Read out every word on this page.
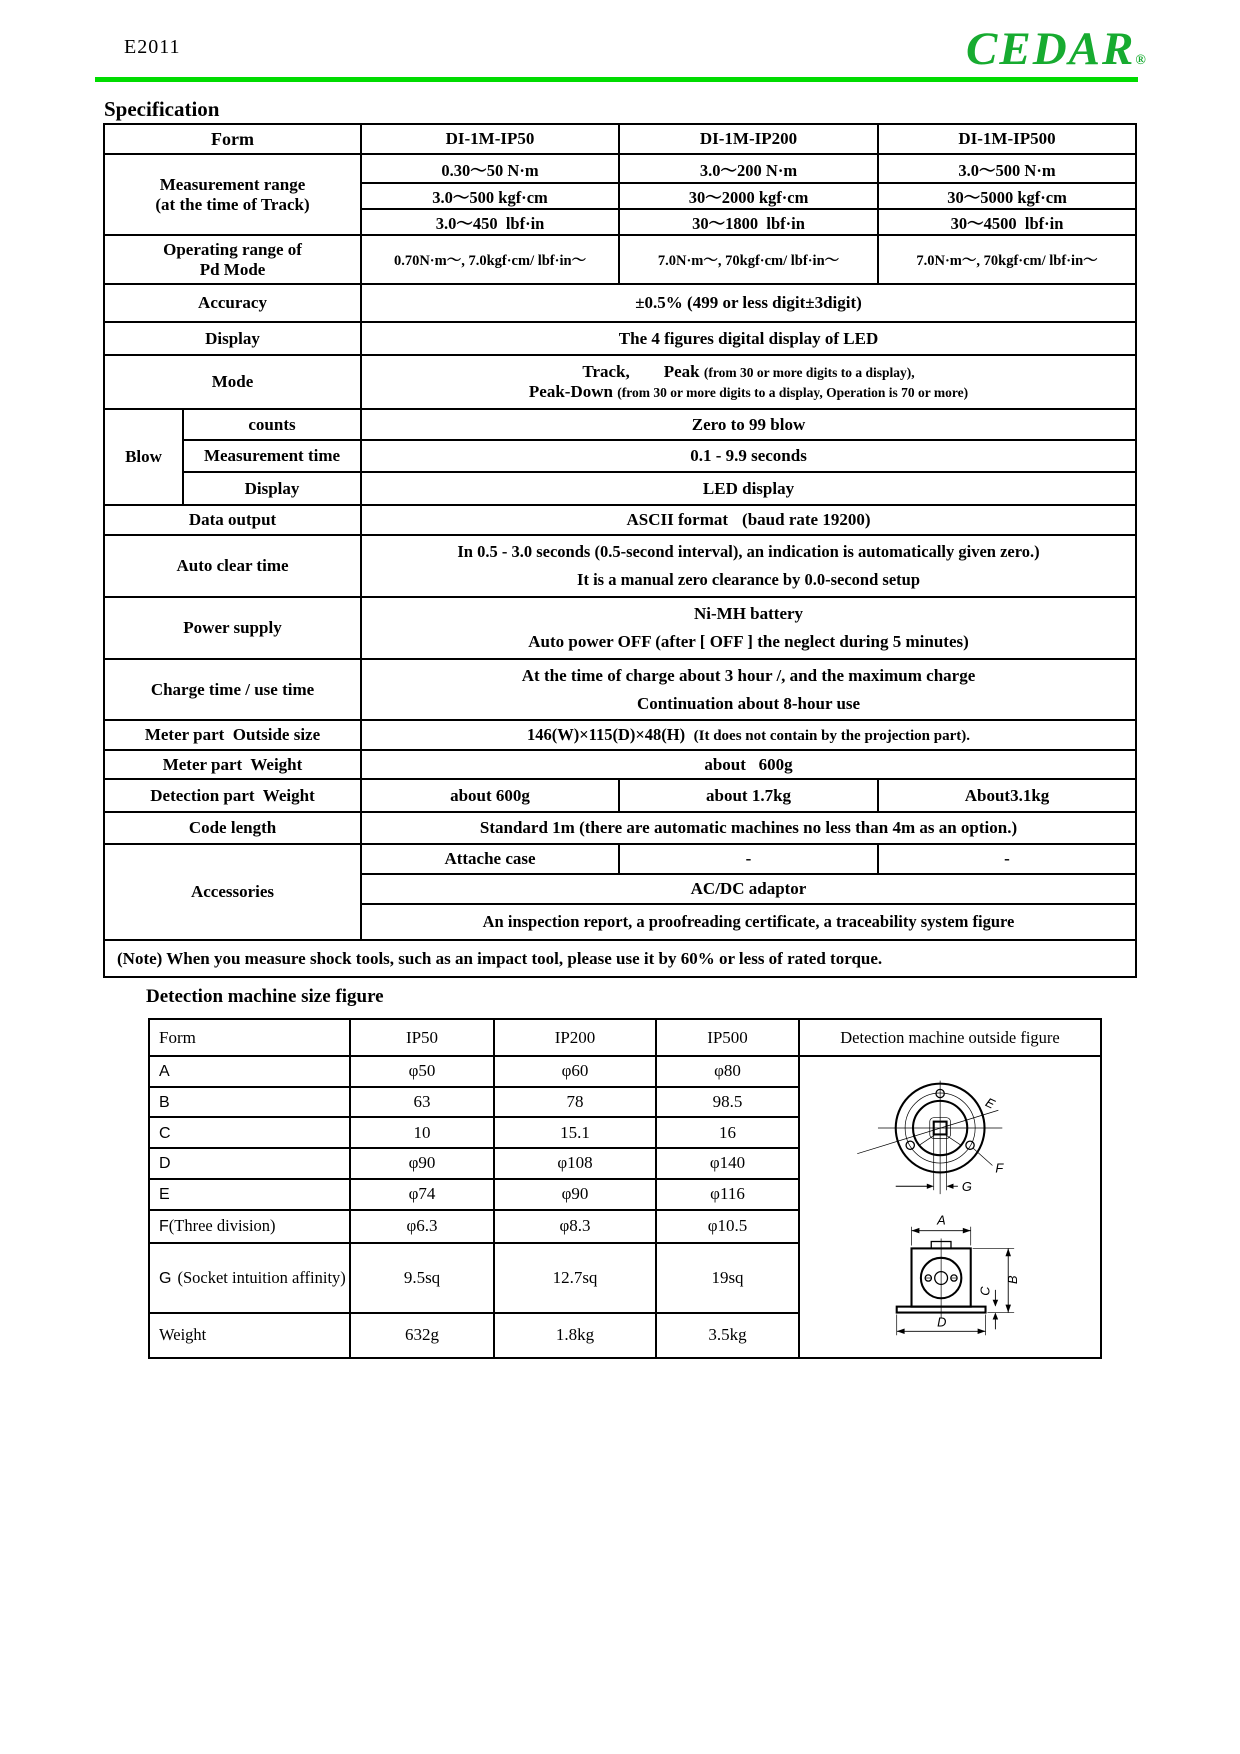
E2011	CEDAR®
Specification
Form		DI-1M-IP50	DI-1M-IP200	DI-1M-IP500

Measurement range
(at the time of Track)		0.30〜50 N·m	3.0〜200 N·m	3.0〜500 N·m
		3.0〜500 kgf·cm	30〜2000 kgf·cm	30〜5000 kgf·cm
		3.0〜450  lbf·in	30〜1800  lbf·in	30〜4500  lbf·in

Operating range of
Pd Mode		0.70N·m〜, 7.0kgf·cm/ lbf·in〜	7.0N·m〜, 70kgf·cm/ lbf·in〜	7.0N·m〜, 70kgf·cm/ lbf·in〜
Accuracy		±0.5% (499 or less digit±3digit)		
Display		The 4 figures digital display of LED		
Mode		Track, Peak (from 30 or more digits to a display),
Peak-Down (from 30 or more digits to a display, Operation is 70 or more)		

Blow	counts	Zero to 99 blow		
	Measurement time	0.1 - 9.9 seconds		
	Display	LED display		
Data output		ASCII format (baud rate 19200)		
Auto clear time		In 0.5 - 3.0 seconds (0.5-second interval), an indication is automatically given zero.)
It is a manual zero clearance by 0.0-second setup		

Power supply		Ni-MH battery
Auto power OFF (after [ OFF ] the neglect during 5 minutes)		

Charge time / use time		At the time of charge about 3 hour /, and the maximum charge
Continuation about 8-hour use		

Meter part  Outside size		146(W)×115(D)×48(H) (It does not contain by the projection part).		
Meter part  Weight		about   600g		
Detection part  Weight		about 600g	about 1.7kg	About3.1kg
Code length		Standard 1m (there are automatic machines no less than 4m as an option.)		
Accessories		Attache case	-	-
		AC/DC adaptor		
		An inspection report, a proofreading certificate, a traceability system figure		
(Note) When you measure shock tools, such as an impact tool, please use it by 60% or less of rated torque.				
Detection machine size figure
Form	IP50	IP200	IP500	Detection machine outside figure
A	φ50	φ60	φ80	
G
E
F
A
B
C
D

B	63	78	98.5	
C	10	15.1	16	
D	φ90	φ108	φ140	
E	φ74	φ90	φ116	
F(Three division)	φ6.3	φ8.3	φ10.5	
G (Socket intuition affinity)	9.5sq	12.7sq	19sq	
Weight	632g	1.8kg	3.5kg	
